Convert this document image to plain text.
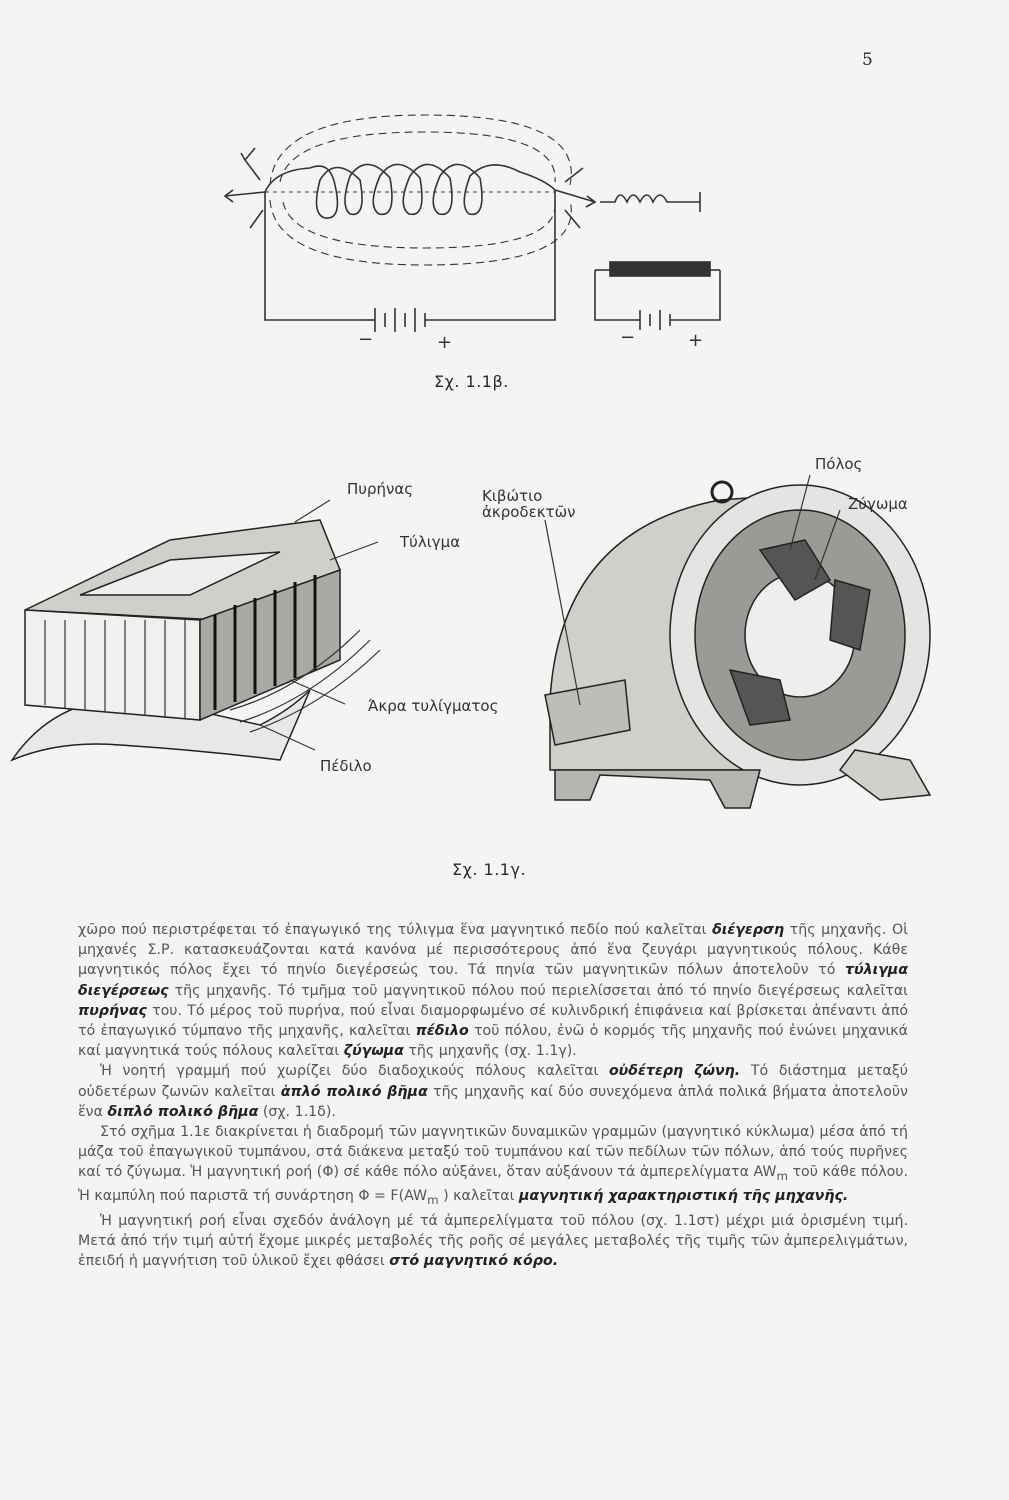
5
−	+	−	+
Σχ. 1.1β.
Πυρήνας
Τύλιγμα
Άκρα τυλίγματος
Πέδιλο
Κιβώτιο ἀκροδεκτῶν
Πόλος
Ζύγωμα
Σχ. 1.1γ.

χῶρο πού περιστρέφεται τό ἐπαγωγικό της τύλιγμα ἕνα μαγνητικό πεδίο πού καλεῖται διέγερση τῆς μηχανῆς. Οἱ μηχανές Σ.Ρ. κατασκευάζονται κατά κανόνα μέ περισσότερους ἀπό ἕνα ζευγάρι μαγνητικούς πόλους. Κάθε μαγνητικός πόλος ἔχει τό πηνίο διεγέρσεώς του. Τά πηνία τῶν μαγνητικῶν πόλων ἀποτελοῦν τό τύλιγμα διεγέρσεως τῆς μηχανῆς. Τό τμῆμα τοῦ μαγνητικοῦ πόλου πού περιελίσσεται ἀπό τό πηνίο διεγέρσεως καλεῖται πυρήνας του. Τό μέρος τοῦ πυρήνα, πού εἶναι διαμορφωμένο σέ κυλινδρική ἐπιφάνεια καί βρίσκεται ἀπέναντι ἀπό τό ἐπαγωγικό τύμπανο τῆς μηχανῆς, καλεῖται πέδιλο τοῦ πόλου, ἐνῶ ὁ κορμός τῆς μηχανῆς πού ἑνώνει μηχανικά καί μαγνητικά τούς πόλους καλεῖται ζύγωμα τῆς μηχανῆς (σχ. 1.1γ).

Ἡ νοητή γραμμή πού χωρίζει δύο διαδοχικούς πόλους καλεῖται οὐδέτερη ζώνη. Τό διάστημα μεταξύ οὐδετέρων ζωνῶν καλεῖται ἁπλό πολικό βῆμα τῆς μηχανῆς καί δύο συνεχόμενα ἁπλά πολικά βήματα ἀποτελοῦν ἕνα διπλό πολικό βῆμα (σχ. 1.1δ).

Στό σχῆμα 1.1ε διακρίνεται ἡ διαδρομή τῶν μαγνητικῶν δυναμικῶν γραμμῶν (μαγνητικό κύκλωμα) μέσα ἀπό τή μάζα τοῦ ἐπαγωγικοῦ τυμπάνου, στά διάκενα μεταξύ τοῦ τυμπάνου καί τῶν πεδίλων τῶν πόλων, ἀπό τούς πυρῆνες καί τό ζύγωμα. Ἡ μαγνητική ροή (Φ) σέ κάθε πόλο αὐξάνει, ὅταν αὐξάνουν τά ἀμπερελίγματα $AW_m$ τοῦ κάθε πόλου. Ἡ καμπύλη πού παριστᾶ τή συνάρτηση $\Phi = F(AW_m$ ) καλεῖται μαγνητική χαρακτηριστική τῆς μηχανῆς.

Ἡ μαγνητική ροή εἶναι σχεδόν ἀνάλογη μέ τά ἀμπερελίγματα τοῦ πόλου (σχ. 1.1στ) μέχρι μιά ὁρισμένη τιμή. Μετά ἀπό τήν τιμή αὐτή ἔχομε μικρές μεταβολές τῆς ροῆς σέ μεγάλες μεταβολές τῆς τιμῆς τῶν ἀμπερελιγμάτων, ἐπειδή ἡ μαγνήτιση τοῦ ὑλικοῦ ἔχει φθάσει στό μαγνητικό κόρο.
